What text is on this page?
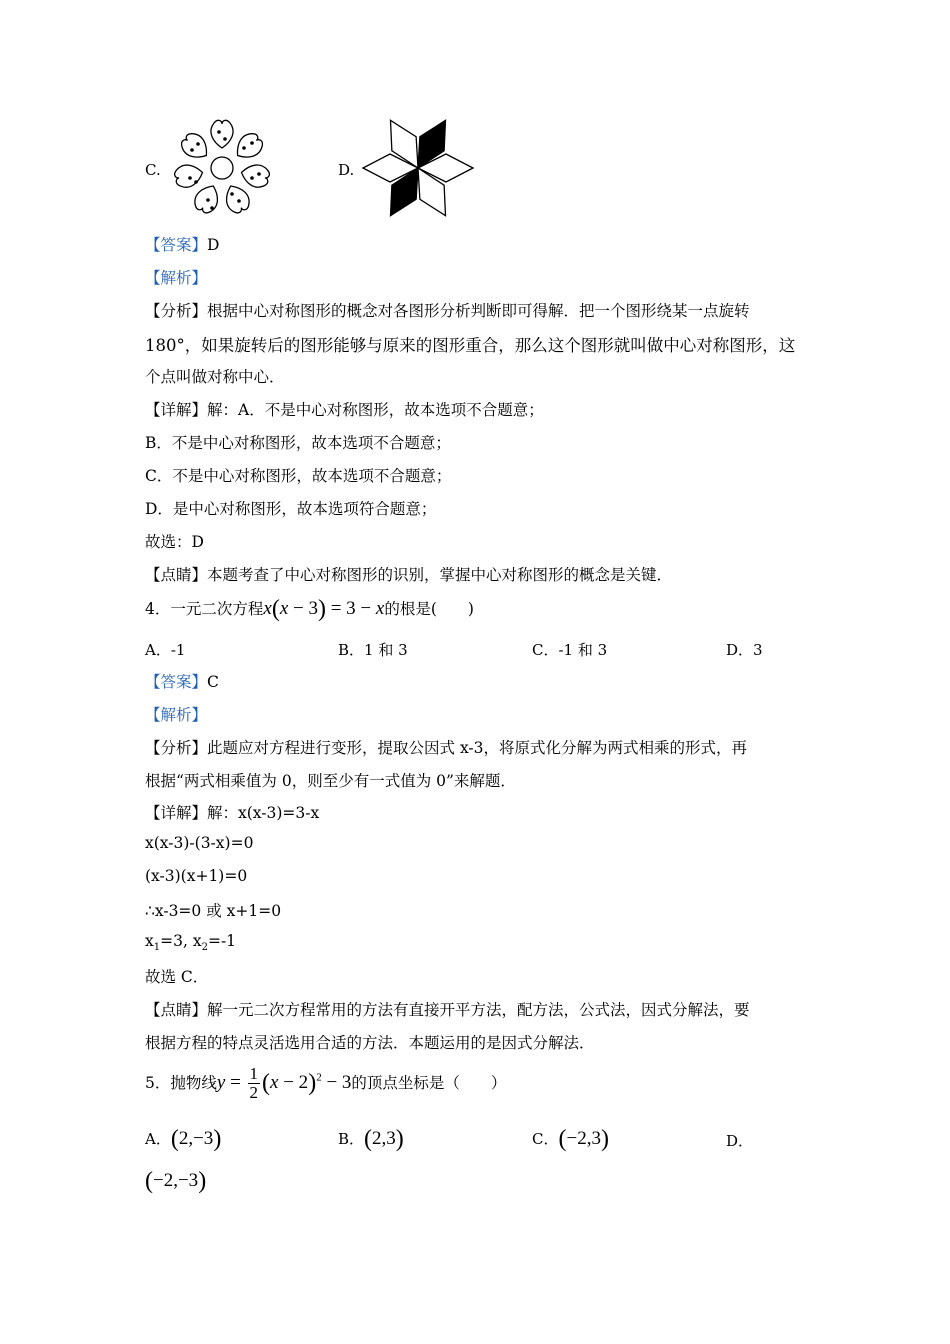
C.	D.
【答案】D
【解析】
【分析】根据中心对称图形的概念对各图形分析判断即可得解．把一个图形绕某一点旋转
180°，如果旋转后的图形能够与原来的图形重合，那么这个图形就叫做中心对称图形，这
个点叫做对称中心．
【详解】解：A．不是中心对称图形，故本选项不合题意；
B．不是中心对称图形，故本选项不合题意；
C．不是中心对称图形，故本选项不合题意；
D．是中心对称图形，故本选项符合题意；
故选：D
【点睛】本题考查了中心对称图形的识别，掌握中心对称图形的概念是关键．
4．一元二次方程x(x − 3) = 3 − x的根是(　　)
A．-1	B．1 和 3	C．-1 和 3	D．3
【答案】C
【解析】
【分析】此题应对方程进行变形，提取公因式 x-3，将原式化分解为两式相乘的形式，再
根据“两式相乘值为 0，则至少有一式值为 0”来解题．
【详解】解：x(x-3)=3-x
x(x-3)-(3-x)=0
(x-3)(x+1)=0
∴x-3=0 或 x+1=0
$x_1=3$, $x_2=-1$
故选 C．
【点睛】解一元二次方程常用的方法有直接开平方法，配方法，公式法，因式分解法，要
根据方程的特点灵活选用合适的方法．本题运用的是因式分解法．
5．抛物线$y = \frac{1}{2} (x - 2)^2 - 3$的顶点坐标是（　　）
A．(2,−3)	B．(2,3)	C．(−2,3)	D．
(−2,−3)
